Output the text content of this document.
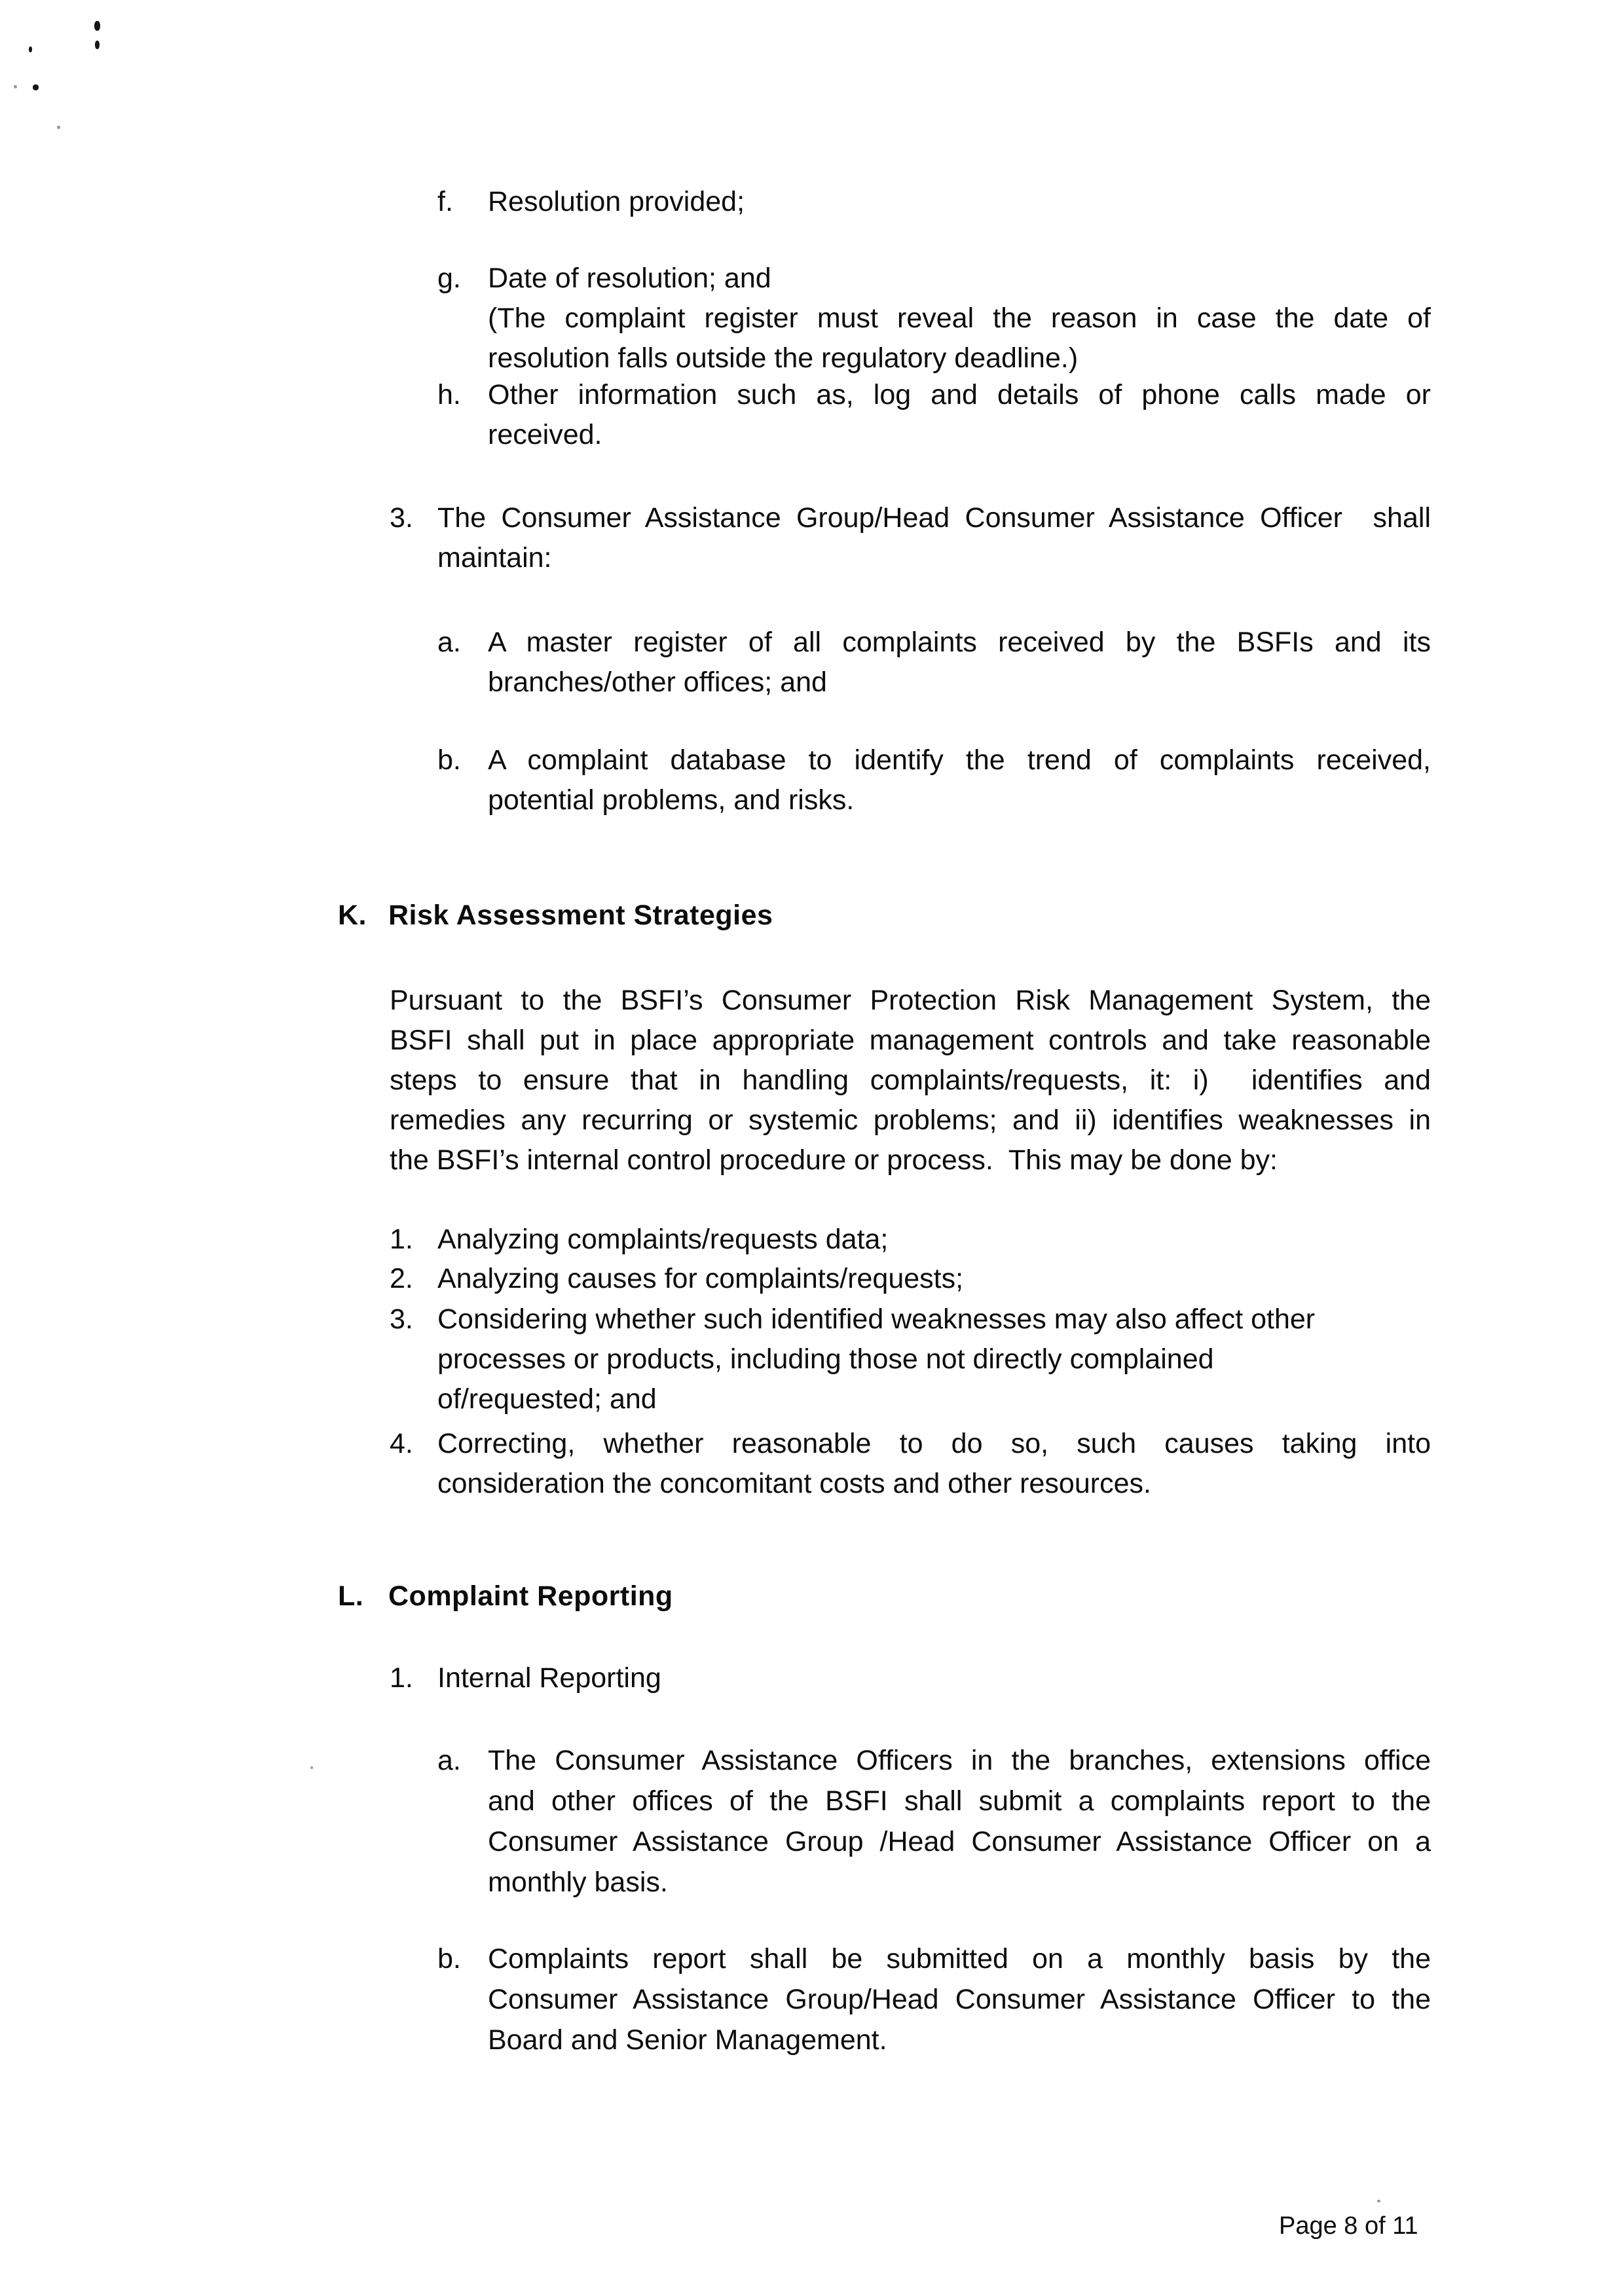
f. Resolution provided;
g. Date of resolution; and
(The complaint register must reveal the reason in case the date of
resolution falls outside the regulatory deadline.)
h. Other information such as, log and details of phone calls made or
received.
3. The Consumer Assistance Group/Head Consumer Assistance Officer  shall
maintain:
a. A master register of all complaints received by the BSFIs and its
branches/other offices; and
b. A complaint database to identify the trend of complaints received,
potential problems, and risks.
K. Risk Assessment Strategies
Pursuant to the BSFI’s Consumer Protection Risk Management System, the
BSFI shall put in place appropriate management controls and take reasonable
steps to ensure that in handling complaints/requests, it: i)  identifies and
remedies any recurring or systemic problems; and ii) identifies weaknesses in
the BSFI’s internal control procedure or process.  This may be done by:
1. Analyzing complaints/requests data;
2. Analyzing causes for complaints/requests;
3. Considering whether such identified weaknesses may also affect other
processes or products, including those not directly complained
of/requested; and
4. Correcting, whether reasonable to do so, such causes taking into
consideration the concomitant costs and other resources.
L. Complaint Reporting
1. Internal Reporting
a. The Consumer Assistance Officers in the branches, extensions office
and other offices of the BSFI shall submit a complaints report to the
Consumer Assistance Group /Head Consumer Assistance Officer on a
monthly basis.
b. Complaints report shall be submitted on a monthly basis by the
Consumer Assistance Group/Head Consumer Assistance Officer to the
Board and Senior Management.
Page 8 of 11
